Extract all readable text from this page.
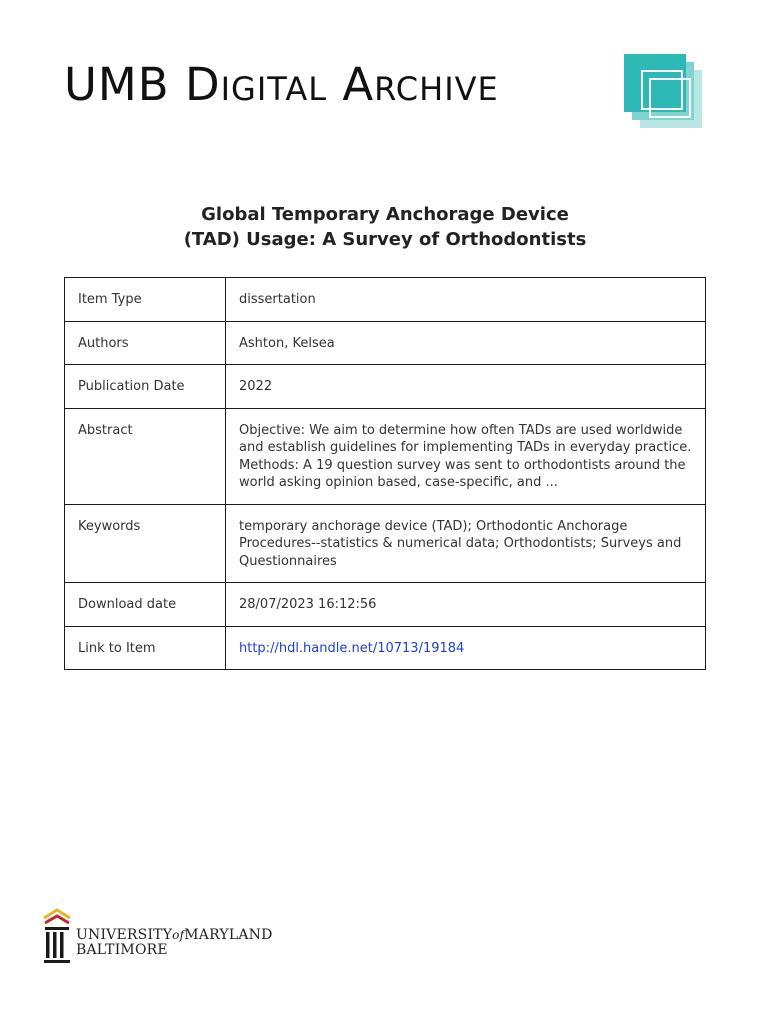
UMB Digital Archive
Global Temporary Anchorage Device
(TAD) Usage: A Survey of Orthodontists
Item Type	dissertation
Authors	Ashton, Kelsea
Publication Date	2022
Abstract	Objective: We aim to determine how often TADs are used worldwide and establish guidelines for implementing TADs in everyday practice. Methods: A 19 question survey was sent to orthodontists around the world asking opinion based, case-specific, and ...
Keywords	temporary anchorage device (TAD); Orthodontic Anchorage Procedures--statistics & numerical data; Orthodontists; Surveys and Questionnaires
Download date	28/07/2023 16:12:56
Link to Item	http://hdl.handle.net/10713/19184
UNIVERSITYofMARYLAND
BALTIMORE
